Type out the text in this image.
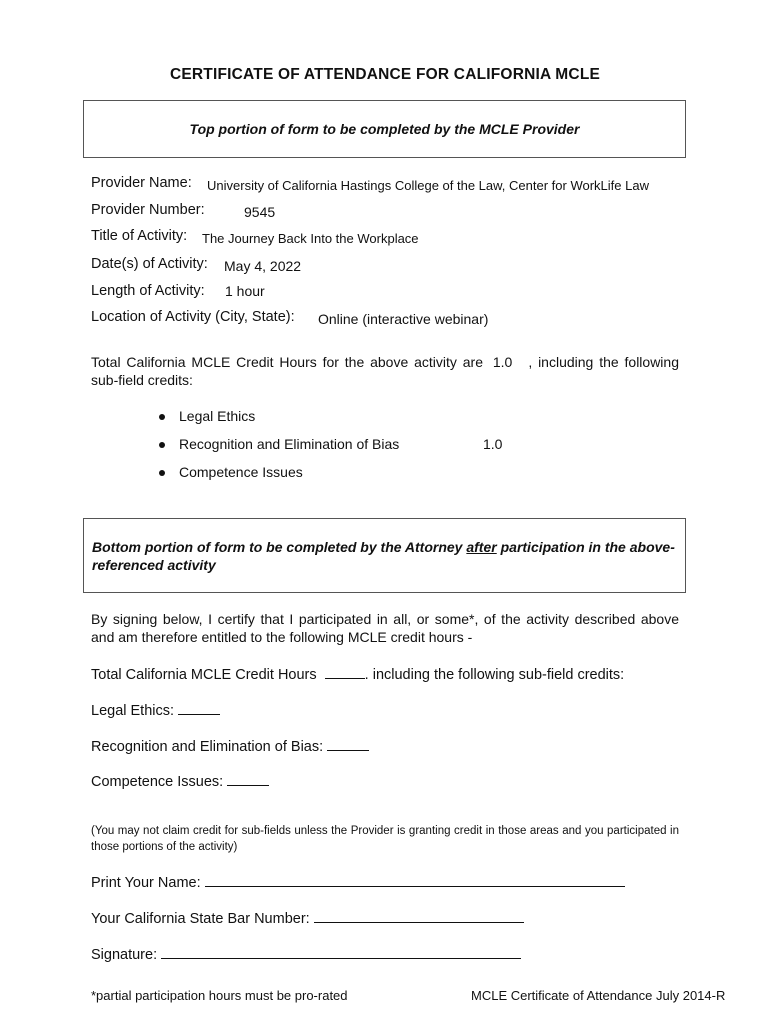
CERTIFICATE OF ATTENDANCE FOR CALIFORNIA MCLE
Top portion of form to be completed by the MCLE Provider
Provider Name: University of California Hastings College of the Law, Center for WorkLife Law
Provider Number:	9545
Title of Activity: The Journey Back Into the Workplace
Date(s) of Activity: May 4, 2022
Length of Activity: 1 hour
Location of Activity (City, State): Online (interactive webinar)
Total California MCLE Credit Hours for the above activity are 1.0 , including the following sub-field credits:
Legal Ethics
Recognition and Elimination of Bias	1.0
Competence Issues
Bottom portion of form to be completed by the Attorney after participation in the above-referenced activity
By signing below, I certify that I participated in all, or some*, of the activity described above and am therefore entitled to the following MCLE credit hours -
Total California MCLE Credit Hours	. including the following sub-field credits:
Legal Ethics:
Recognition and Elimination of Bias:
Competence Issues:
(You may not claim credit for sub-fields unless the Provider is granting credit in those areas and you participated in those portions of the activity)
Print Your Name:
Your California State Bar Number:
Signature:
*partial participation hours must be pro-rated	MCLE Certificate of Attendance July 2014-R
